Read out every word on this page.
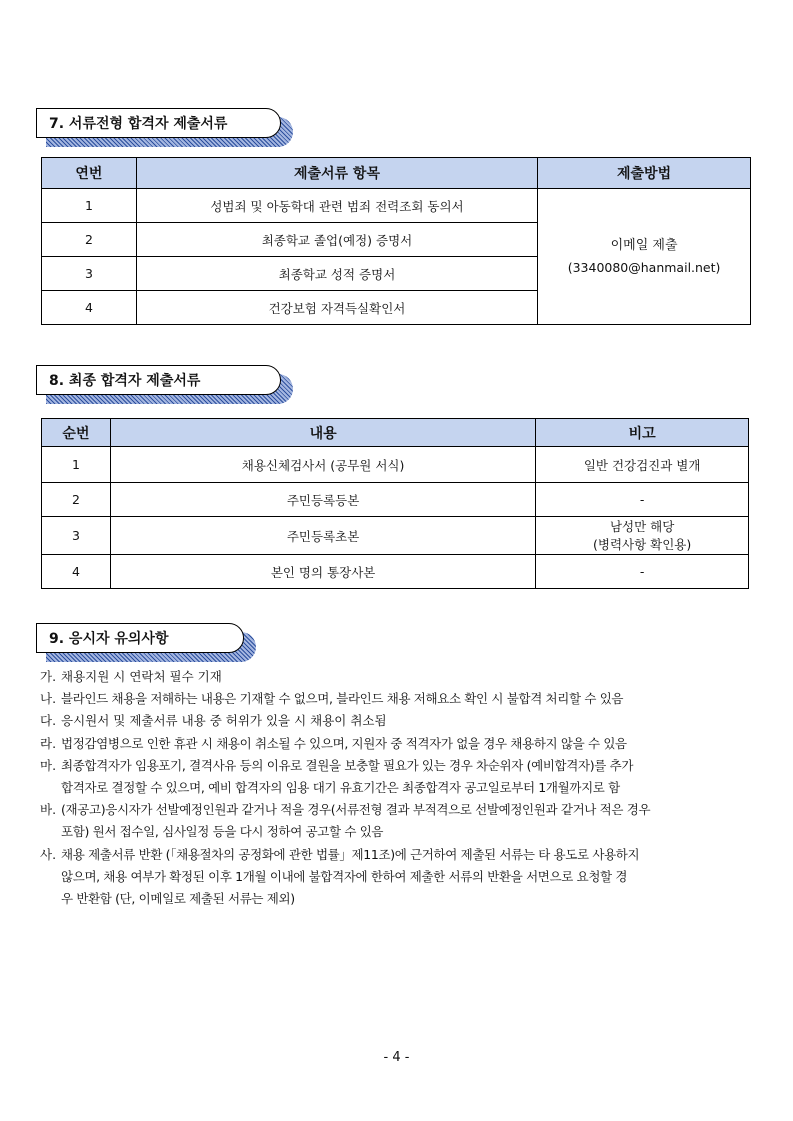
7. 서류전형 합격자 제출서류
연번	제출서류 항목	제출방법
1	성범죄 및 아동학대 관련 범죄 전력조회 동의서	이메일 제출
(3340080@hanmail.net)

2	최종학교 졸업(예정) 증명서	
3	최종학교 성적 증명서	
4	건강보험 자격득실확인서	
8. 최종 합격자 제출서류
순번	내용	비고
1	채용신체검사서 (공무원 서식)	일반 건강검진과 별개
2	주민등록등본	-
3	주민등록초본	남성만 해당
(병력사항 확인용)

4	본인 명의 통장사본	-
9. 응시자 유의사항
가. 채용지원 시 연락처 필수 기재
나. 블라인드 채용을 저해하는 내용은 기재할 수 없으며, 블라인드 채용 저해요소 확인 시 불합격 처리할 수 있음
다. 응시원서 및 제출서류 내용 중 허위가 있을 시 채용이 취소됨
라. 법정감염병으로 인한 휴관 시 채용이 취소될 수 있으며, 지원자 중 적격자가 없을 경우 채용하지 않을 수 있음
마. 최종합격자가 임용포기, 결격사유 등의 이유로 결원을 보충할 필요가 있는 경우 차순위자 (예비합격자)를 추가
합격자로 결정할 수 있으며, 예비 합격자의 임용 대기 유효기간은 최종합격자 공고일로부터 1개월까지로 함
바. (재공고)응시자가 선발예정인원과 같거나 적을 경우(서류전형 결과 부적격으로 선발예정인원과 같거나 적은 경우
포함) 원서 접수일, 심사일정 등을 다시 정하여 공고할 수 있음
사. 채용 제출서류 반환 (「채용절차의 공정화에 관한 법률」제11조)에 근거하여 제출된 서류는 타 용도로 사용하지
않으며, 채용 여부가 확정된 이후 1개월 이내에 불합격자에 한하여 제출한 서류의 반환을 서면으로 요청할 경
우 반환함 (단, 이메일로 제출된 서류는 제외)
- 4 -
